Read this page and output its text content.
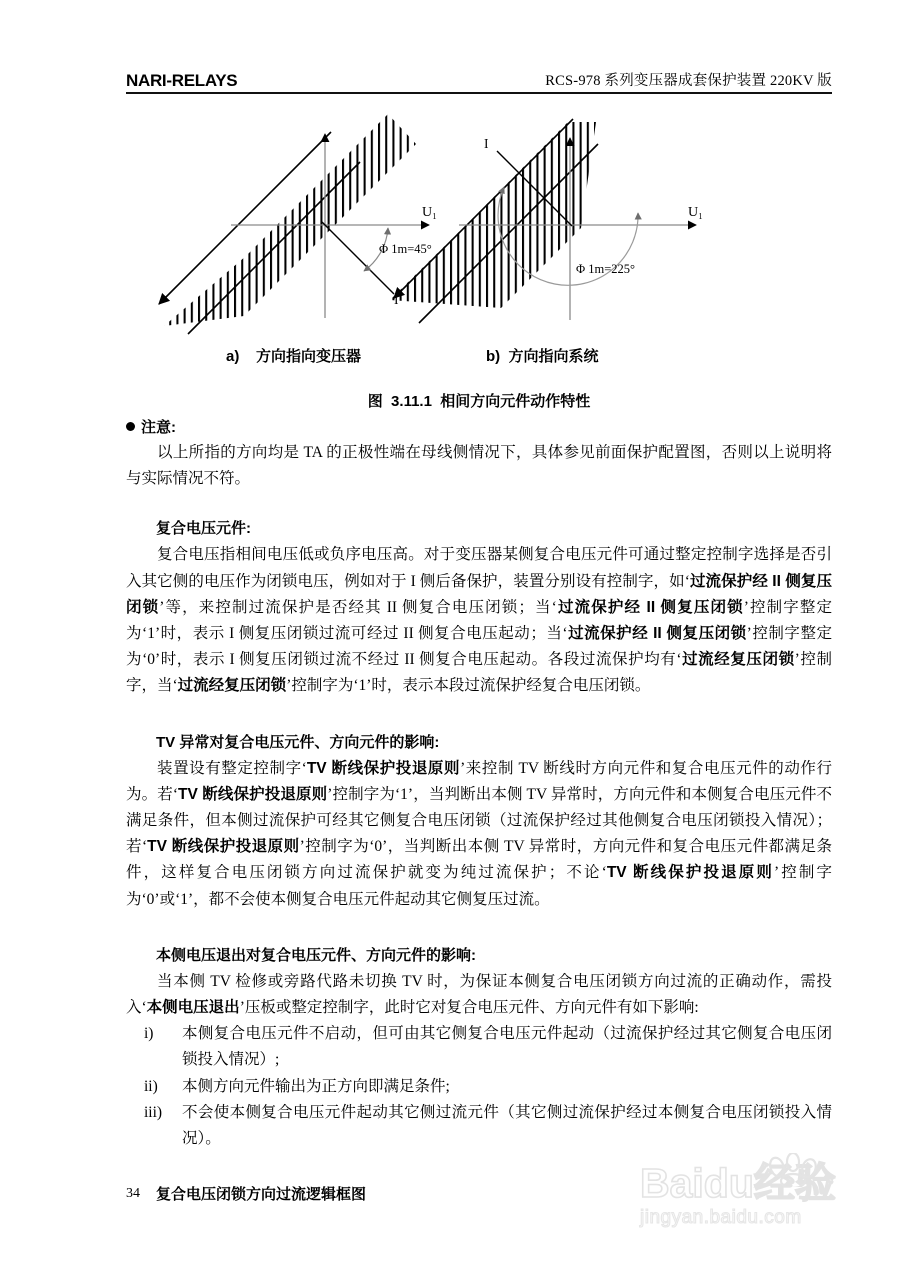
NARI-RELAYS	RCS-978 系列变压器成套保护装置 220KV 版
U₁
Φ 1m=45°
U₁
Φ 1m=225°
I
a)    方向指向变压器	b)  方向指向系统
图  3.11.1  相间方向元件动作特性
注意:

以上所指的方向均是 TA 的正极性端在母线侧情况下，具体参见前面保护配置图，否则以上说明将与实际情况不符。

复合电压元件:

复合电压指相间电压低或负序电压高。对于变压器某侧复合电压元件可通过整定控制字选择是否引入其它侧的电压作为闭锁电压，例如对于 I 侧后备保护，装置分别设有控制字，如‘过流保护经 II 侧复压闭锁’等，来控制过流保护是否经其 II 侧复合电压闭锁；当‘过流保护经 II 侧复压闭锁’控制字整定为‘1’时，表示 I 侧复压闭锁过流可经过 II 侧复合电压起动；当‘过流保护经 II 侧复压闭锁’控制字整定为‘0’时，表示 I 侧复压闭锁过流不经过 II 侧复合电压起动。各段过流保护均有‘过流经复压闭锁’控制字，当‘过流经复压闭锁’控制字为‘1’时，表示本段过流保护经复合电压闭锁。

TV 异常对复合电压元件、方向元件的影响:

装置设有整定控制字‘TV 断线保护投退原则’来控制 TV 断线时方向元件和复合电压元件的动作行为。若‘TV 断线保护投退原则’控制字为‘1’，当判断出本侧 TV 异常时，方向元件和本侧复合电压元件不满足条件，但本侧过流保护可经其它侧复合电压闭锁（过流保护经过其他侧复合电压闭锁投入情况）；若‘TV 断线保护投退原则’控制字为‘0’，当判断出本侧 TV 异常时，方向元件和复合电压元件都满足条件，这样复合电压闭锁方向过流保护就变为纯过流保护；不论‘TV 断线保护投退原则’控制字为‘0’或‘1’，都不会使本侧复合电压元件起动其它侧复压过流。

本侧电压退出对复合电压元件、方向元件的影响:

当本侧 TV 检修或旁路代路未切换 TV 时，为保证本侧复合电压闭锁方向过流的正确动作，需投入‘本侧电压退出’压板或整定控制字，此时它对复合电压元件、方向元件有如下影响:

i)	本侧复合电压元件不启动，但可由其它侧复合电压元件起动（过流保护经过其它侧复合电压闭锁投入情况）;
ii)	本侧方向元件输出为正方向即满足条件;
iii)	不会使本侧复合电压元件起动其它侧过流元件（其它侧过流保护经过本侧复合电压闭锁投入情况）。
复合电压闭锁方向过流逻辑框图
34	Baidu经验
jingyan.baidu.com
